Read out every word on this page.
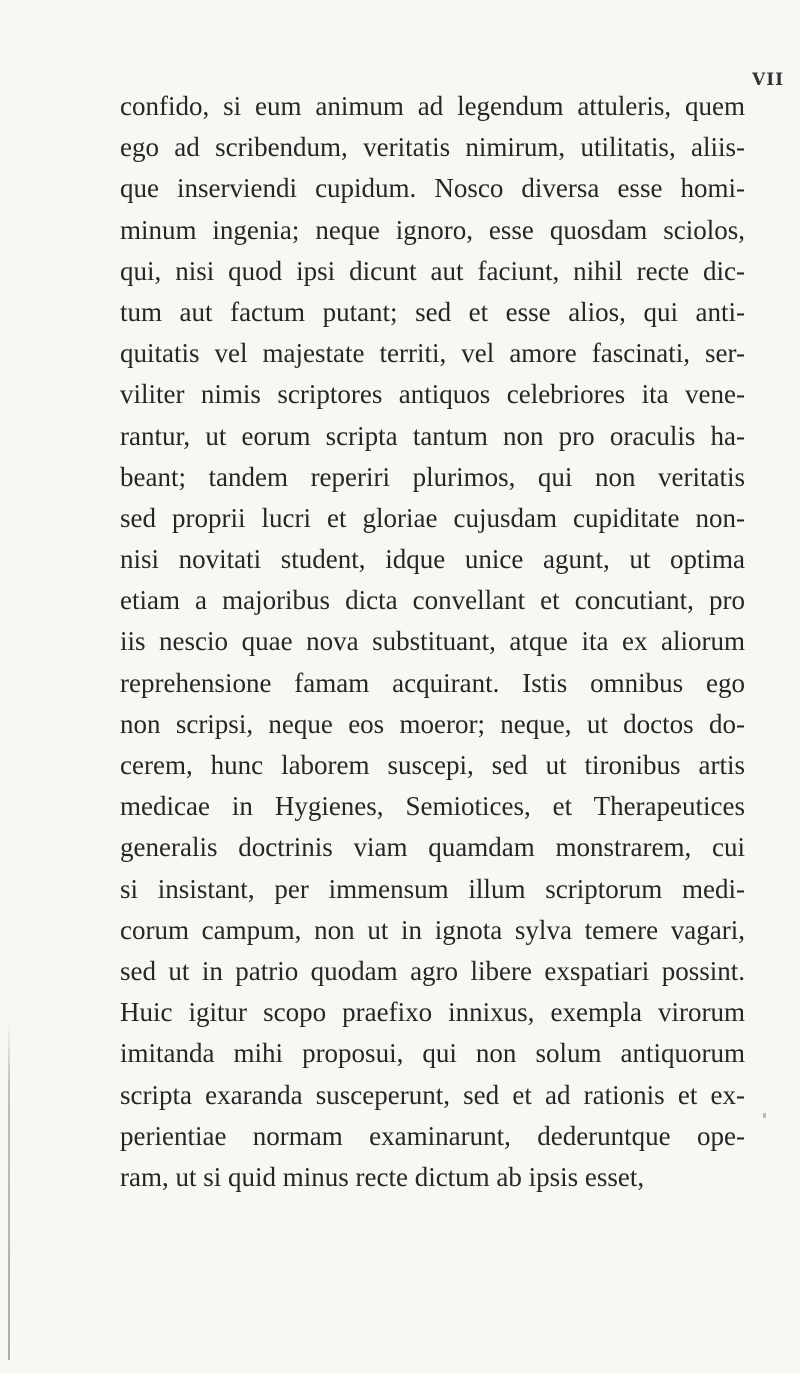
VII
confido, si eum animum ad legendum attuleris, quem
ego ad scribendum, veritatis nimirum, utilitatis, aliis-
que inserviendi cupidum. Nosco diversa esse homi-
minum ingenia; neque ignoro, esse quosdam sciolos,
qui, nisi quod ipsi dicunt aut faciunt, nihil recte dic-
tum aut factum putant; sed et esse alios, qui anti-
quitatis vel majestate territi, vel amore fascinati, ser-
viliter nimis scriptores antiquos celebriores ita vene-
rantur, ut eorum scripta tantum non pro oraculis ha-
beant; tandem reperiri plurimos, qui non veritatis
sed proprii lucri et gloriae cujusdam cupiditate non-
nisi novitati student, idque unice agunt, ut optima
etiam a majoribus dicta convellant et concutiant, pro
iis nescio quae nova substituant, atque ita ex aliorum
reprehensione famam acquirant. Istis omnibus ego
non scripsi, neque eos moeror; neque, ut doctos do-
cerem, hunc laborem suscepi, sed ut tironibus artis
medicae in Hygienes, Semiotices, et Therapeutices
generalis doctrinis viam quamdam monstrarem, cui
si insistant, per immensum illum scriptorum medi-
corum campum, non ut in ignota sylva temere vagari,
sed ut in patrio quodam agro libere exspatiari possint.
Huic igitur scopo praefixo innixus, exempla virorum
imitanda mihi proposui, qui non solum antiquorum
scripta exaranda susceperunt, sed et ad rationis et ex-
perientiae normam examinarunt, dederuntque ope-
ram, ut si quid minus recte dictum ab ipsis esset,
